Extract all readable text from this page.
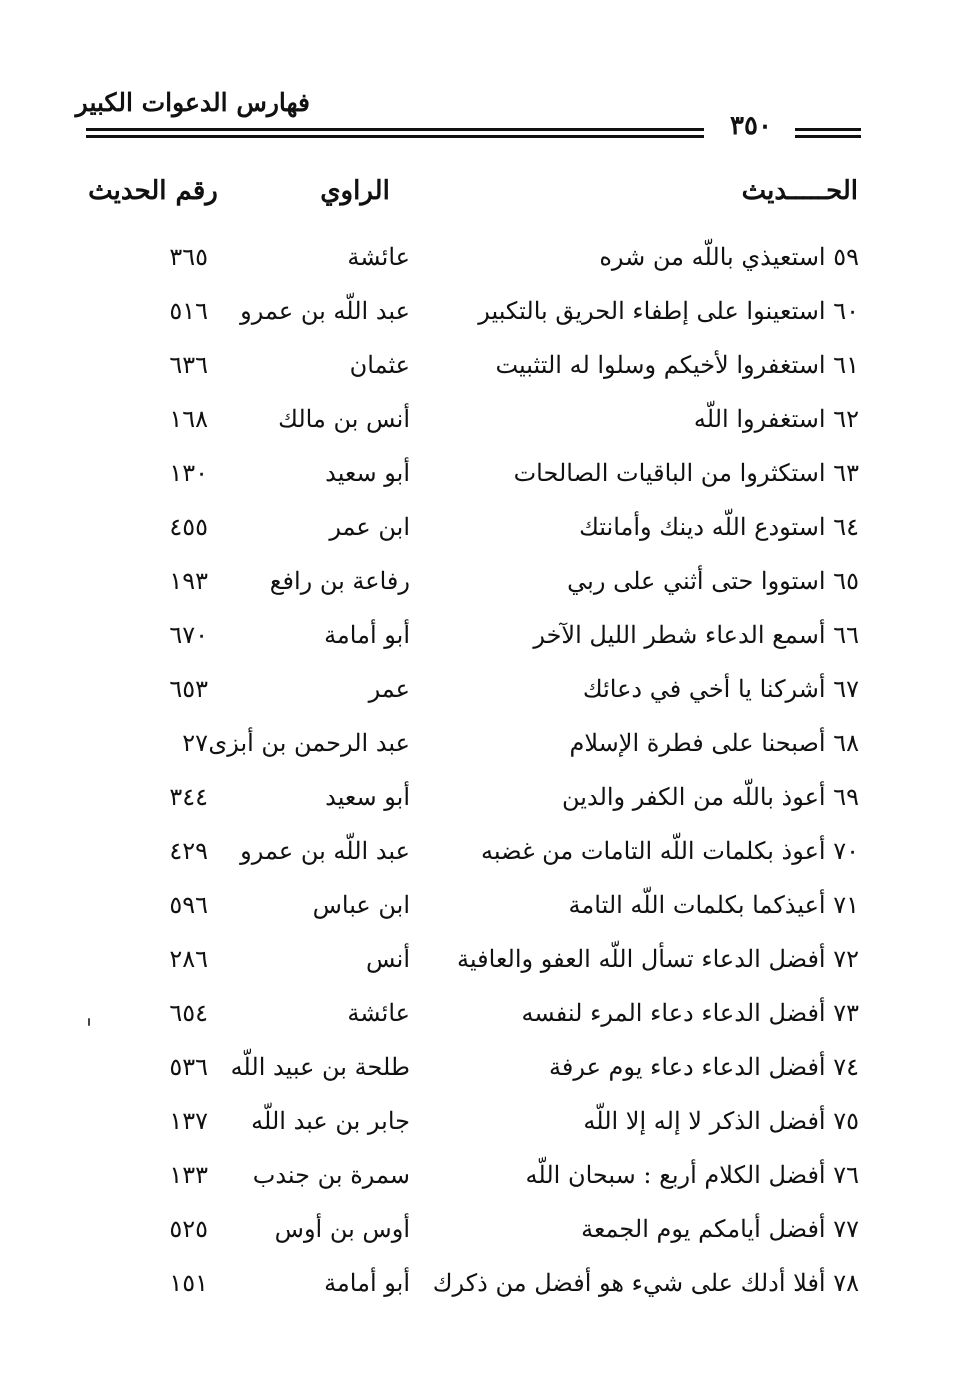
فهارس الدعوات الكبير
٣٥٠
الحـــــديث
الراوي
رقم الحديث
٥٩ استعيذي باللّه من شره
عائشة
٣٦٥
٦٠ استعينوا على إطفاء الحريق بالتكبير
عبد اللّه بن عمرو
٥١٦
٦١ استغفروا لأخيكم وسلوا له التثبيت
عثمان
٦٣٦
٦٢ استغفروا اللّه
أنس بن مالك
١٦٨
٦٣ استكثروا من الباقيات الصالحات
أبو سعيد
١٣٠
٦٤ استودع اللّه دينك وأمانتك
ابن عمر
٤٥٥
٦٥ استووا حتى أثني على ربي
رفاعة بن رافع
١٩٣
٦٦ أسمع الدعاء شطر الليل الآخر
أبو أمامة
٦٧٠
٦٧ أشركنا يا أخي في دعائك
عمر
٦٥٣
٦٨ أصبحنا على فطرة الإسلام
عبد الرحمن بن أبزى
٢٧
٦٩ أعوذ باللّه من الكفر والدين
أبو سعيد
٣٤٤
٧٠ أعوذ بكلمات اللّه التامات من غضبه
عبد اللّه بن عمرو
٤٢٩
٧١ أعيذكما بكلمات اللّه التامة
ابن عباس
٥٩٦
٧٢ أفضل الدعاء تسأل اللّه العفو والعافية
أنس
٢٨٦
٧٣ أفضل الدعاء دعاء المرء لنفسه
عائشة
٦٥٤
٧٤ أفضل الدعاء دعاء يوم عرفة
طلحة بن عبيد اللّه
٥٣٦
٧٥ أفضل الذكر لا إله إلا اللّه
جابر بن عبد اللّه
١٣٧
٧٦ أفضل الكلام أربع : سبحان اللّه
سمرة بن جندب
١٣٣
٧٧ أفضل أيامكم يوم الجمعة
أوس بن أوس
٥٢٥
٧٨ أفلا أدلك على شيء هو أفضل من ذكرك
أبو أمامة
١٥١
